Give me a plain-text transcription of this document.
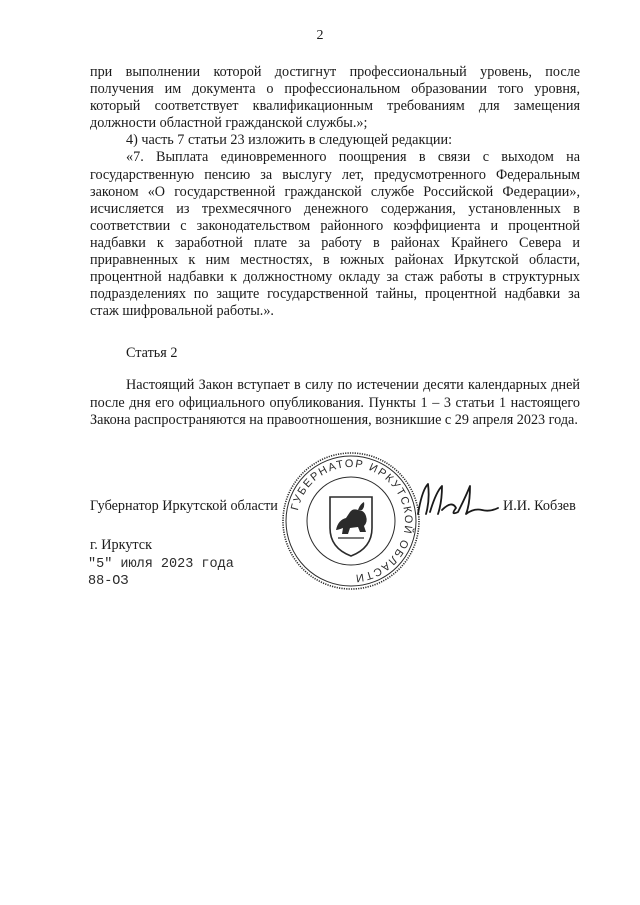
2

при выполнении которой достигнут профессиональный уровень, после получения им документа о профессиональном образовании того уровня, который соответствует квалификационным требованиям для замещения должности областной гражданской службы.»;

4) часть 7 статьи 23 изложить в следующей редакции:

«7. Выплата единовременного поощрения в связи с выходом на государственную пенсию за выслугу лет, предусмотренного Федеральным законом «О государственной гражданской службе Российской Федерации», исчисляется из трехмесячного денежного содержания, установленных в соответствии с законодательством районного коэффициента и процентной надбавки к заработной плате за работу в районах Крайнего Севера и приравненных к ним местностях, в южных районах Иркутской области, процентной надбавки к должностному окладу за стаж работы в структурных подразделениях по защите государственной тайны, процентной надбавки за стаж шифровальной работы.».

Статья 2

Настоящий Закон вступает в силу по истечении десяти календарных дней после дня его официального опубликования. Пункты 1 – 3 статьи 1 настоящего Закона распространяются на правоотношения, возникшие с 29 апреля 2023 года.

Губернатор Иркутской области	И.И. Кобзев
ГУБЕРНАТОР ИРКУТСКОЙ ОБЛАСТИ
г. Иркутск
"5" июля 2023 года
88-ОЗ
